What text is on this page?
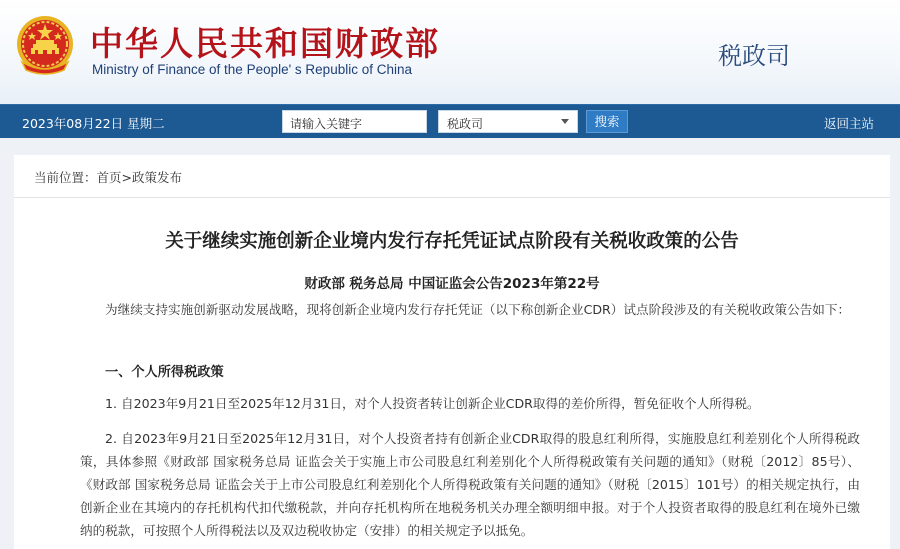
中华人民共和国财政部
Ministry of Finance of the People' s Republic of China	税政司
2023年08月22日 星期二	请输入关键字	税政司	搜索	返回主站
当前位置：首页>政策发布
关于继续实施创新企业境内发行存托凭证试点阶段有关税收政策的公告
财政部 税务总局 中国证监会公告2023年第22号
为继续支持实施创新驱动发展战略，现将创新企业境内发行存托凭证（以下称创新企业CDR）试点阶段涉及的有关税收政策公告如下：
一、个人所得税政策
1. 自2023年9月21日至2025年12月31日，对个人投资者转让创新企业CDR取得的差价所得，暂免征收个人所得税。
2. 自2023年9月21日至2025年12月31日，对个人投资者持有创新企业CDR取得的股息红利所得，实施股息红利差别化个人所得税政策，具体参照《财政部 国家税务总局 证监会关于实施上市公司股息红利差别化个人所得税政策有关问题的通知》（财税〔2012〕85号）、《财政部 国家税务总局 证监会关于上市公司股息红利差别化个人所得税政策有关问题的通知》（财税〔2015〕101号）的相关规定执行，由创新企业在其境内的存托机构代扣代缴税款，并向存托机构所在地税务机关办理全额明细申报。对于个人投资者取得的股息红利在境外已缴纳的税款，可按照个人所得税法以及双边税收协定（安排）的相关规定予以抵免。
